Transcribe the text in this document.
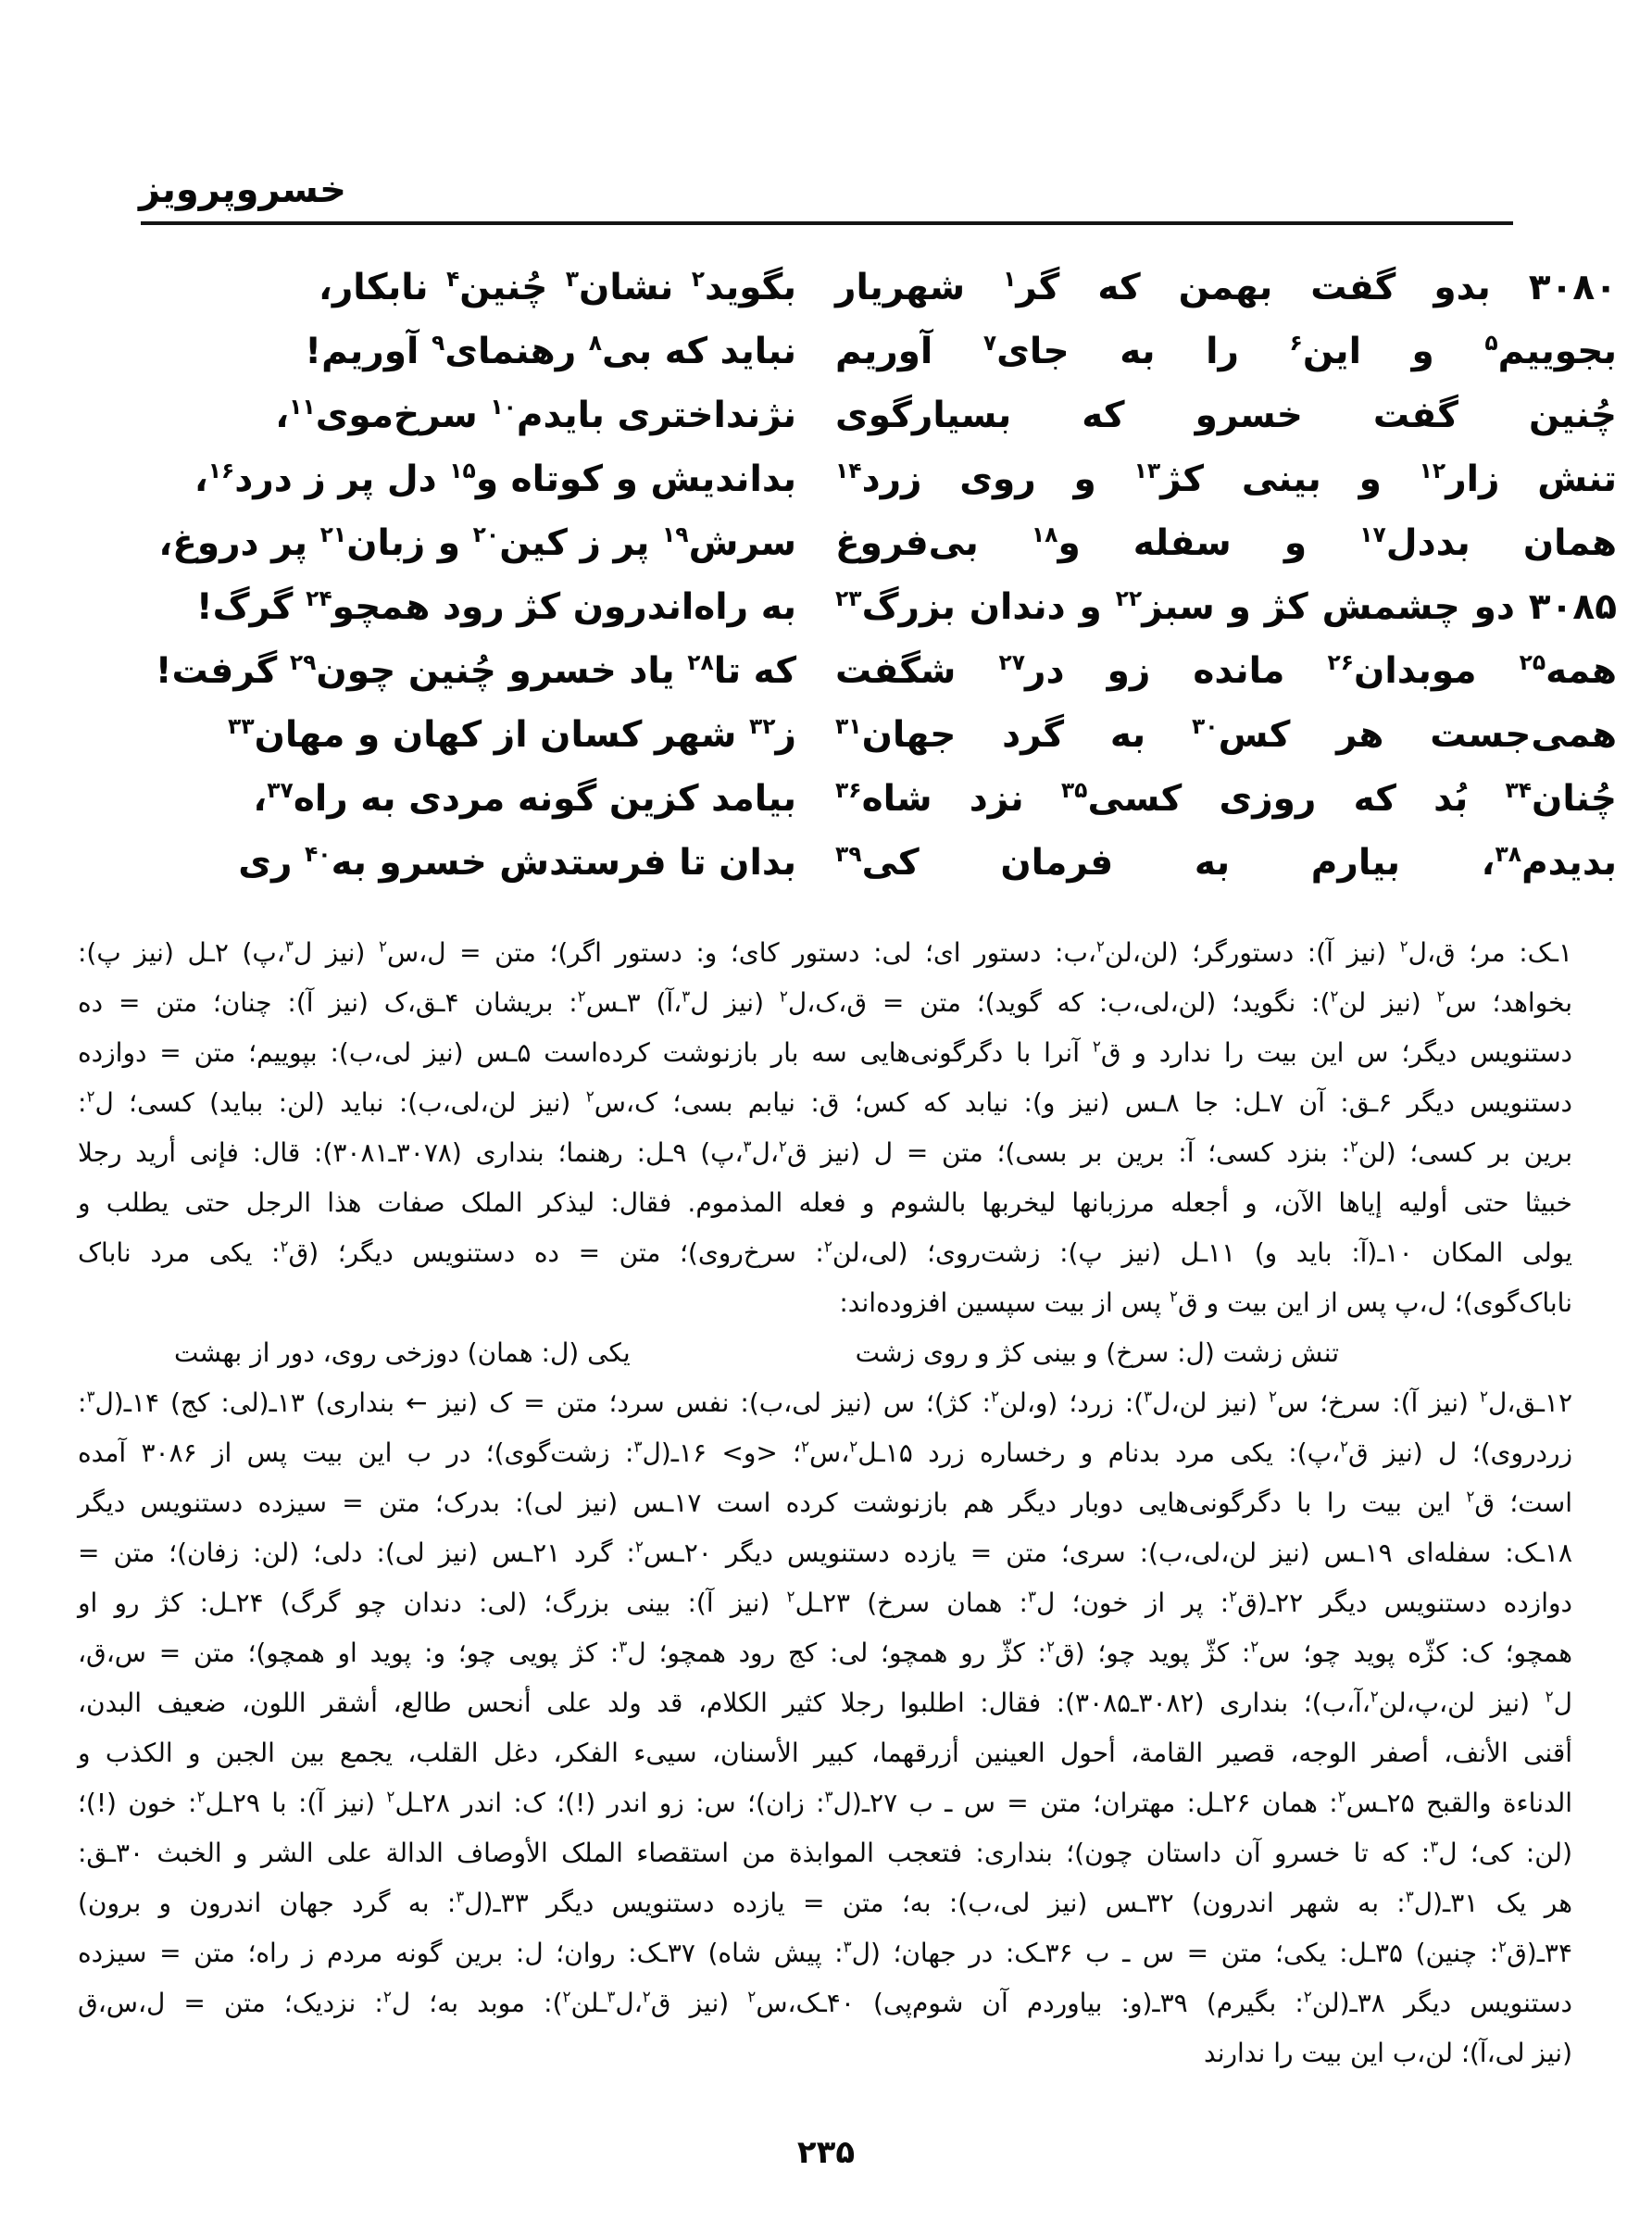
خسروپرویز
۳۰۸۰ بدو گفت بهمن که گر$^۱$ شهریار
بگوید$^۲$ نشان$^۳$ چُنین$^۴$ نابکار،
بجوییم$^۵$ و این$^۶$ را به جای$^۷$ آوریم
نباید که بی$^۸$ رهنمای$^۹$ آوریم!
چُنین گفت خسرو که بسیارگوی
نژنداختری بایدم$^{۱۰}$ سرخ‌موی$^{۱۱}$،
تنش زار$^{۱۲}$ و بینی کژ$^{۱۳}$ و روی زرد$^{۱۴}$
بداندیش و کوتاه و$^{۱۵}$ دل پر ز درد$^{۱۶}$،
همان بددل$^{۱۷}$ و سفله و$^{۱۸}$ بی‌فروغ
سرش$^{۱۹}$ پر ز کین$^{۲۰}$ و زبان$^{۲۱}$ پر دروغ،
۳۰۸۵ دو چشمش کژ و سبز$^{۲۲}$ و دندان بزرگ$^{۲۳}$
به راه‌اندرون کژ رود همچو$^{۲۴}$ گرگ!
همه$^{۲۵}$ موبدان$^{۲۶}$ مانده زو در$^{۲۷}$ شگفت
که تا$^{۲۸}$ یاد خسرو چُنین چون$^{۲۹}$ گرفت!
همی‌جست هر کس$^{۳۰}$ به گرد جهان$^{۳۱}$
ز$^{۳۲}$ شهر کسان از کهان و مهان$^{۳۳}$
چُنان$^{۳۴}$ بُد که روزی کسی$^{۳۵}$ نزد شاه$^{۳۶}$
بیامد کزین گونه مردی به راه$^{۳۷}$،
بدیدم$^{۳۸}$، بیارم به فرمان کی$^{۳۹}$
بدان تا فرستدش خسرو به$^{۴۰}$ ری

۱ـک: مر؛ ق،ل$^۲$ (نیز آ): دستورگر؛ (لن،لن$^۲$،ب: دستور ای؛ لی: دستور کای؛ و: دستور اگر)؛ متن = ل،س$^۲$ (نیز ل$^۳$،پ) ۲ـل (نیز پ):

بخواهد؛ س$^۲$ (نیز لن$^۲$): نگوید؛ (لن،لی،ب: که گوید)؛ متن = ق،ک،ل$^۲$ (نیز ل$^۳$،آ) ۳ـس$^۲$: بریشان ۴ـق،ک (نیز آ): چنان؛ متن = ده

دستنویس دیگر؛ س این بیت را ندارد و ق$^۲$ آنرا با دگرگونی‌هایی سه بار بازنوشت کرده‌است ۵ـس (نیز لی،ب): بپوییم؛ متن = دوازده

دستنویس دیگر ۶ـق: آن ۷ـل: جا ۸ـس (نیز و): نیابد که کس؛ ق: نیابم بسی؛ ک،س$^۲$ (نیز لن،لی،ب): نباید (لن: بباید) کسی؛ ل$^۲$:

برین بر کسی؛ (لن$^۲$: بنزد کسی؛ آ: برین بر بسی)؛ متن = ل (نیز ق$^۲$،ل$^۳$،پ) ۹ـل: رهنما؛ بنداری (۳۰۷۸ـ۳۰۸۱): قال: فإنی أرید رجلا

خبیثا حتی أولیه إیاها الآن، و أجعله مرزبانها لیخربها بالشوم و فعله المذموم. فقال: لیذکر الملک صفات هذا الرجل حتی یطلب و

یولی المکان ۱۰ـ(آ: باید و) ۱۱ـل (نیز پ): زشت‌روی؛ (لی،لن$^۲$: سرخ‌روی)؛ متن = ده دستنویس دیگر؛ (ق$^۲$: یکی مرد ناباک

ناباک‌گوی)؛ ل،پ پس از این بیت و ق$^۲$ پس از بیت سپسین افزوده‌اند:

تنش زشت (ل: سرخ) و بینی کژ و روی زشت
یکی (ل: همان) دوزخی روی، دور از بهشت

۱۲ـق،ل$^۲$ (نیز آ): سرخ؛ س$^۲$ (نیز لن،ل$^۳$): زرد؛ (و،لن$^۲$: کژ)؛ س (نیز لی،ب): نفس سرد؛ متن = ک (نیز ← بنداری) ۱۳ـ(لی: کج) ۱۴ـ(ل$^۳$:

زردروی)؛ ل (نیز ق$^۲$،پ): یکی مرد بدنام و رخساره زرد ۱۵ـل$^۲$،س$^۲$؛ <و> ۱۶ـ(ل$^۳$: زشت‌گوی)؛ در ب این بیت پس از ۳۰۸۶ آمده

است؛ ق$^۲$ این بیت را با دگرگونی‌هایی دوبار دیگر هم بازنوشت کرده است ۱۷ـس (نیز لی): بدرک؛ متن = سیزده دستنویس دیگر

۱۸ـک: سفله‌ای ۱۹ـس (نیز لن،لی،ب): سری؛ متن = یازده دستنویس دیگر ۲۰ـس$^۲$: گرد ۲۱ـس (نیز لی): دلی؛ (لن: زفان)؛ متن =

دوازده دستنویس دیگر ۲۲ـ(ق$^۲$: پر از خون؛ ل$^۳$: همان سرخ) ۲۳ـل$^۲$ (نیز آ): بینی بزرگ؛ (لی: دندان چو گرگ) ۲۴ـل: کژ رو او

همچو؛ ک: کژّه پوید چو؛ س$^۲$: کژّ پوید چو؛ (ق$^۲$: کژّ رو همچو؛ لی: کج رود همچو؛ ل$^۳$: کژ پویی چو؛ و: پوید او همچو)؛ متن = س،ق،

ل$^۲$ (نیز لن،پ،لن$^۲$،آ،ب)؛ بنداری (۳۰۸۲ـ۳۰۸۵): فقال: اطلبوا رجلا کثیر الکلام، قد ولد علی أنحس طالع، أشقر اللون، ضعیف البدن،

أقنی الأنف، أصفر الوجه، قصیر القامة، أحول العینین أزرقهما، کبیر الأسنان، سییء الفکر، دغل القلب، یجمع بین الجبن و الکذب و

الدناءة والقبح ۲۵ـس$^۲$: همان ۲۶ـل: مهتران؛ متن = س ـ ب ۲۷ـ(ل$^۳$: زان)؛ س: زو اندر (!)؛ ک: اندر ۲۸ـل$^۲$ (نیز آ): با ۲۹ـل$^۲$: خون (!)؛

(لن: کی؛ ل$^۳$: که تا خسرو آن داستان چون)؛ بنداری: فتعجب الموابذة من استقصاء الملک الأوصاف الدالة علی الشر و الخبث ۳۰ـق:

هر یک ۳۱ـ(ل$^۳$: به شهر اندرون) ۳۲ـس (نیز لی،ب): به؛ متن = یازده دستنویس دیگر ۳۳ـ(ل$^۳$: به گرد جهان اندرون و برون)

۳۴ـ(ق$^۲$: چنین) ۳۵ـل: یکی؛ متن = س ـ ب ۳۶ـک: در جهان؛ (ل$^۳$: پیش شاه) ۳۷ـک: روان؛ ل: برین گونه مردم ز راه؛ متن = سیزده

دستنویس دیگر ۳۸ـ(لن$^۲$: بگیرم) ۳۹ـ(و: بیاوردم آن شوم‌پی) ۴۰ـک،س$^۲$ (نیز ق$^۲$،ل$^۳$ـلن$^۲$): موبد به؛ ل$^۲$: نزدیک؛ متن = ل،س،ق

(نیز لی،آ)؛ لن،ب این بیت را ندارند

۲۳۵
